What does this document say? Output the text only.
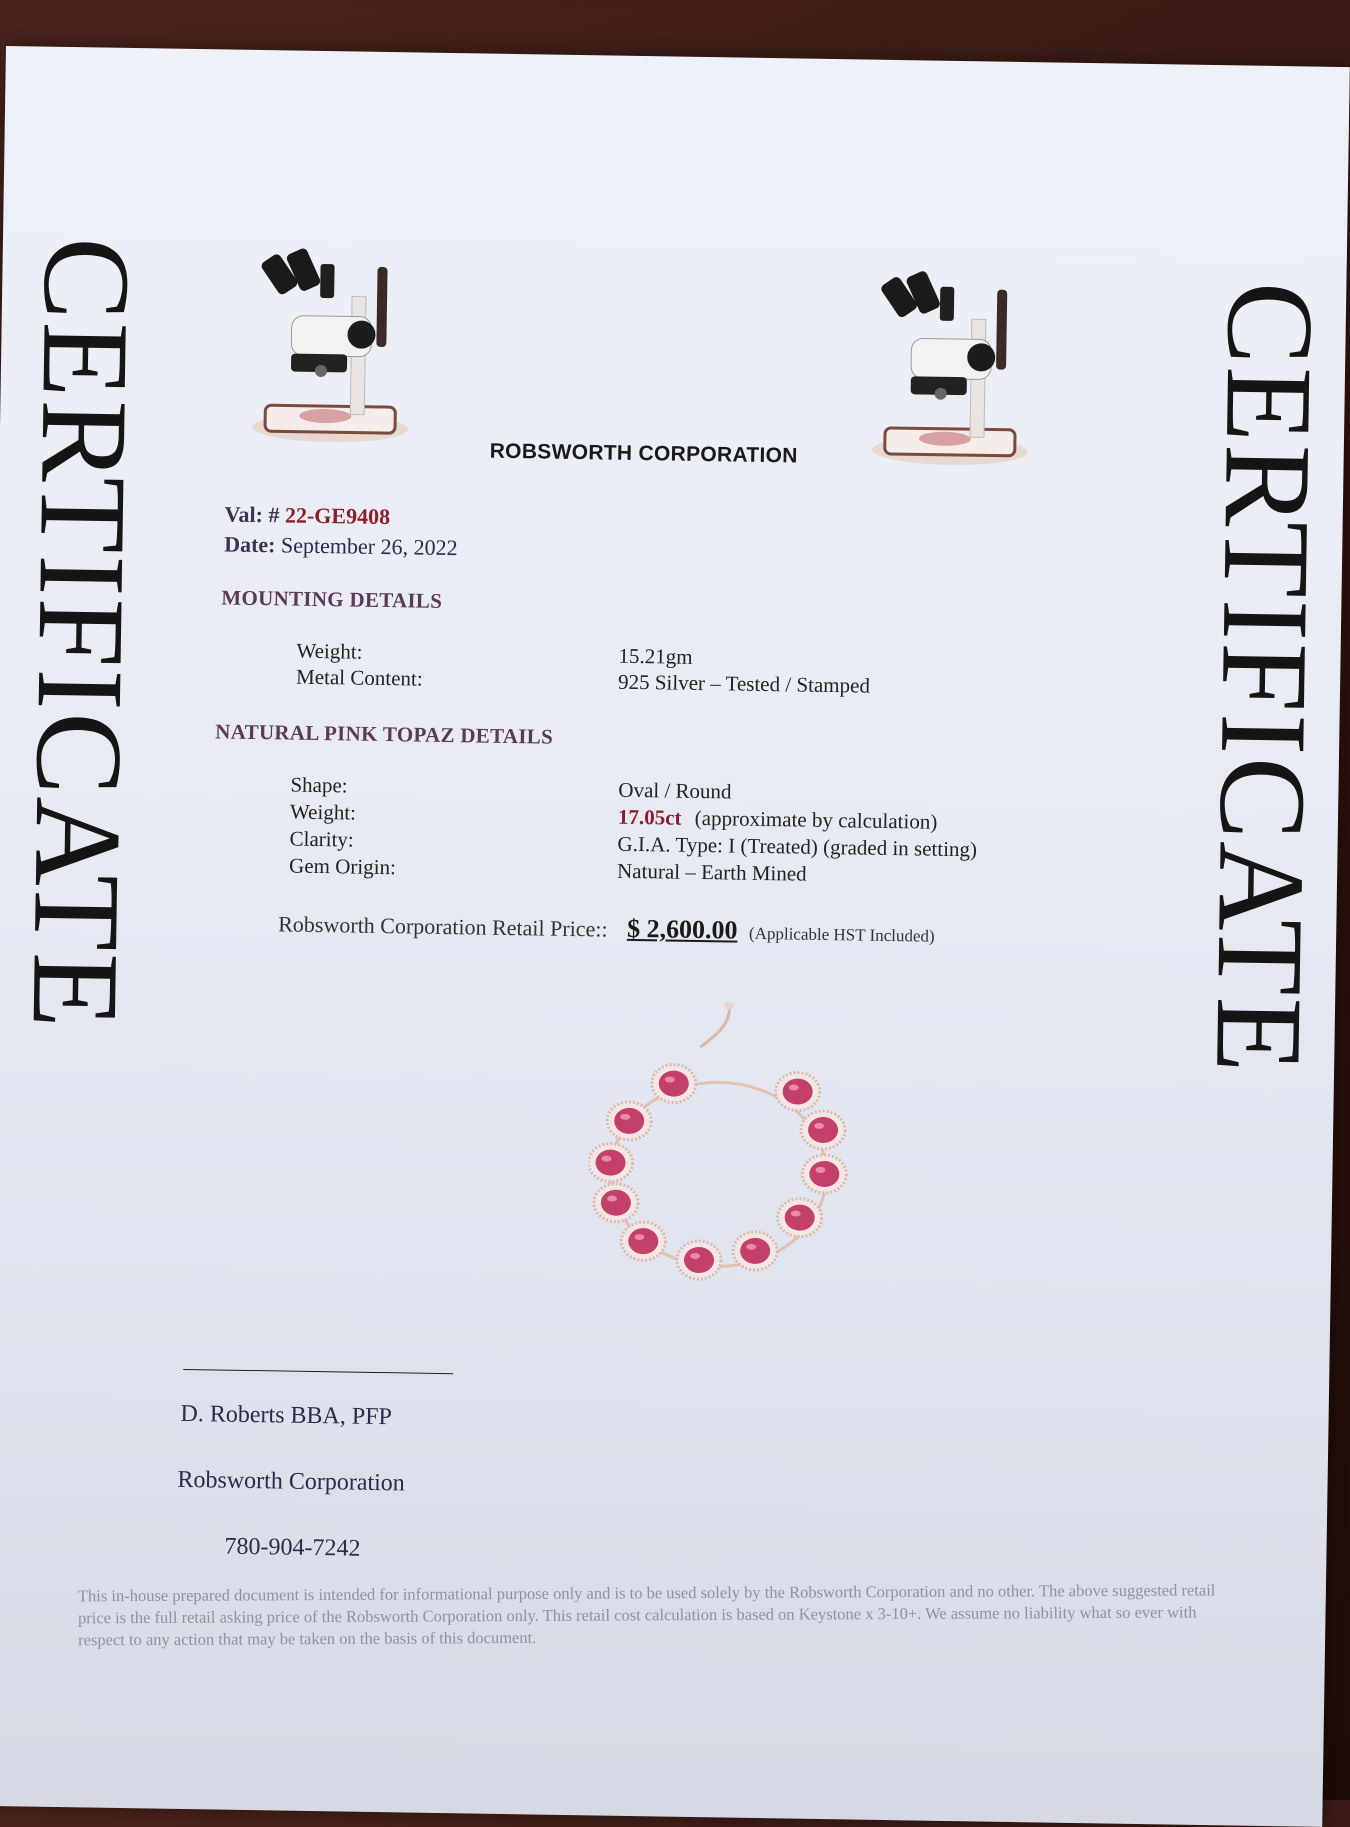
CERTIFICATE	CERTIFICATE
ROBSWORTH CORPORATION
Val: # 22-GE9408
Date: September 26, 2022
MOUNTING DETAILS
Weight:	15.21gm
Metal Content:	925 Silver – Tested / Stamped
NATURAL PINK TOPAZ DETAILS
Shape:	Oval / Round
Weight:	17.05ct (approximate by calculation)
Clarity:	G.I.A. Type: I (Treated) (graded in setting)
Gem Origin:	Natural – Earth Mined
Robsworth Corporation Retail Price:: $ 2,600.00 (Applicable HST Included)
D. Roberts BBA, PFP
Robsworth Corporation
780-904-7242
This in-house prepared document is intended for informational purpose only and is to be used solely by the Robsworth Corporation and no other. The above suggested retail price is the full retail asking price of the Robsworth Corporation only. This retail cost calculation is based on Keystone x 3-10+. We assume no liability what so ever with respect to any action that may be taken on the basis of this document.
